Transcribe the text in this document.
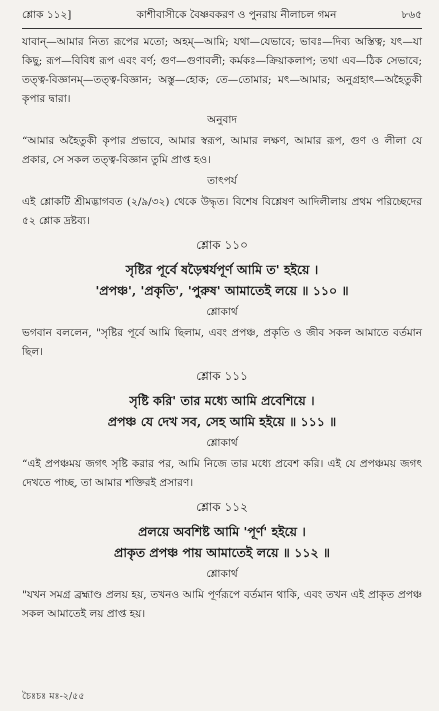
শ্লোক ১১২]	কাশীবাসীকে বৈষ্ণবকরণ ও পুনরায় নীলাচল গমন	৮৬৫

যাবান্—আমার নিত্য রূপের মতো; অহম্—আমি; যথা—যেভাবে; ভাবঃ—দিব্য অস্তিত্ব; যৎ—যা কিছু; রূপ—বিবিধ রূপ এবং বর্ণ; গুণ—গুণাবলী; কর্মকঃ—ক্রিয়াকলাপ; তথা এব—ঠিক সেভাবে; তত্ত্ব-বিজ্ঞানম্—তত্ত্ব-বিজ্ঞান; অস্তু—হোক; তে—তোমার; মৎ—আমার; অনুগ্রহাৎ—অহৈতুকী কৃপার দ্বারা।

অনুবাদ

“আমার অহৈতুকী কৃপার প্রভাবে, আমার স্বরূপ, আমার লক্ষণ, আমার রূপ, গুণ ও লীলা যে প্রকার, সে সকল তত্ত্ব-বিজ্ঞান তুমি প্রাপ্ত হও।

তাৎপর্য

এই শ্লোকটি শ্রীমদ্ভাগবত (২/৯/৩২) থেকে উদ্ধৃত। বিশেষ বিশ্লেষণ আদিলীলায় প্রথম পরিচ্ছেদের ৫২ শ্লোক দ্রষ্টব্য।

শ্লোক ১১০

সৃষ্টির পূর্বে ষড়ৈশ্বর্যপূর্ণ আমি ত' হইয়ে ।

'প্রপঞ্চ', 'প্রকৃতি', 'পুরুষ' আমাতেই লয়ে ॥ ১১০ ॥

শ্লোকার্থ

ভগবান বললেন, "সৃষ্টির পূর্বে আমি ছিলাম, এবং প্রপঞ্চ, প্রকৃতি ও জীব সকল আমাতে বর্তমান ছিল।

শ্লোক ১১১

সৃষ্টি করি' তার মধ্যে আমি প্রবেশিয়ে ।

প্রপঞ্চ যে দেখ সব, সেহ আমি হইয়ে ॥ ১১১ ॥

শ্লোকার্থ

“এই প্রপঞ্চময় জগৎ সৃষ্টি করার পর, আমি নিজে তার মধ্যে প্রবেশ করি। এই যে প্রপঞ্চময় জগৎ দেখতে পাচ্ছ, তা আমার শক্তিরই প্রসারণ।

শ্লোক ১১২

প্রলয়ে অবশিষ্ট আমি 'পূর্ণ' হইয়ে ।

প্রাকৃত প্রপঞ্চ পায় আমাতেই লয়ে ॥ ১১২ ॥

শ্লোকার্থ

"যখন সমগ্র ব্রহ্মাণ্ড প্রলয় হয়, তখনও আমি পূর্ণরূপে বর্তমান থাকি, এবং তখন এই প্রাকৃত প্রপঞ্চ সকল আমাতেই লয় প্রাপ্ত হয়।

চৈঃচঃ মঃ-২/৫৫
